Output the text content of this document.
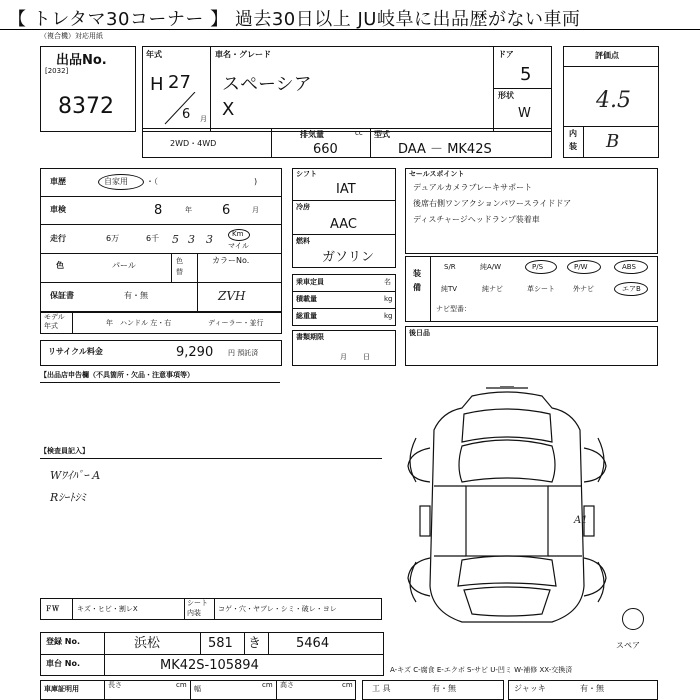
【 トレタマ30コーナー 】 過去30日以上 JU岐阜に出品歴がない車両
（複合機）対応用紙
出品No.
[2032]
8372
年式
H 27
6 月
車名・グレード
スペーシア
X
ドア
5
形状
W
2WD・4WD
排気量	cc
660
型式
DAA － MK42S
評価点
4.5
内
装 B
車歴	自家用 ・（	)
車検	8	年 6	月
走行	6万	6千 5 3 3	Km
マイル
色	パール	色
替
カラーNo.
保証書	有・無	ZVH
モデル
年式	年 ハンドル 左・右	ディーラー・並行
リサイクル料金	9,290 円 預託済
シフト
IAT
冷房
AAC
燃料
ガソリン
乗車定員	名
積載量	kg
総重量	kg
書類期限
月日
セールスポイント
デュアルカメラブレーキサポート
後席右側ワンアクションパワースライドドア
ディスチャージヘッドランプ装着車
装
備
S/R	純A/W	P/S	P/W	ABS
純TV	純ナビ	革シート	外ナビ	エアB
ナビ型番：
後日品
【出品店申告欄（不具箇所・欠品・注意事項等）
【検査員記入】
Wﾜｲﾊﾟｰ A
Rｼｰﾄｼﾐ
A1
スペア
ＦＷ	キズ・ヒビ・割レX
シート
内装 コゲ・穴・ヤブレ・シミ・破レ・ヨレ
登録 No.	浜松	581 き	5464
車台 No.	MK42S-105894	A-キズ C-腐食 E-エクボ S-サビ U-凹ミ W-補修 XX-交換済
車庫証明用	長さ	cm 幅	cm 高さ	cm 工 具	有・無	ジャッキ	有・無
